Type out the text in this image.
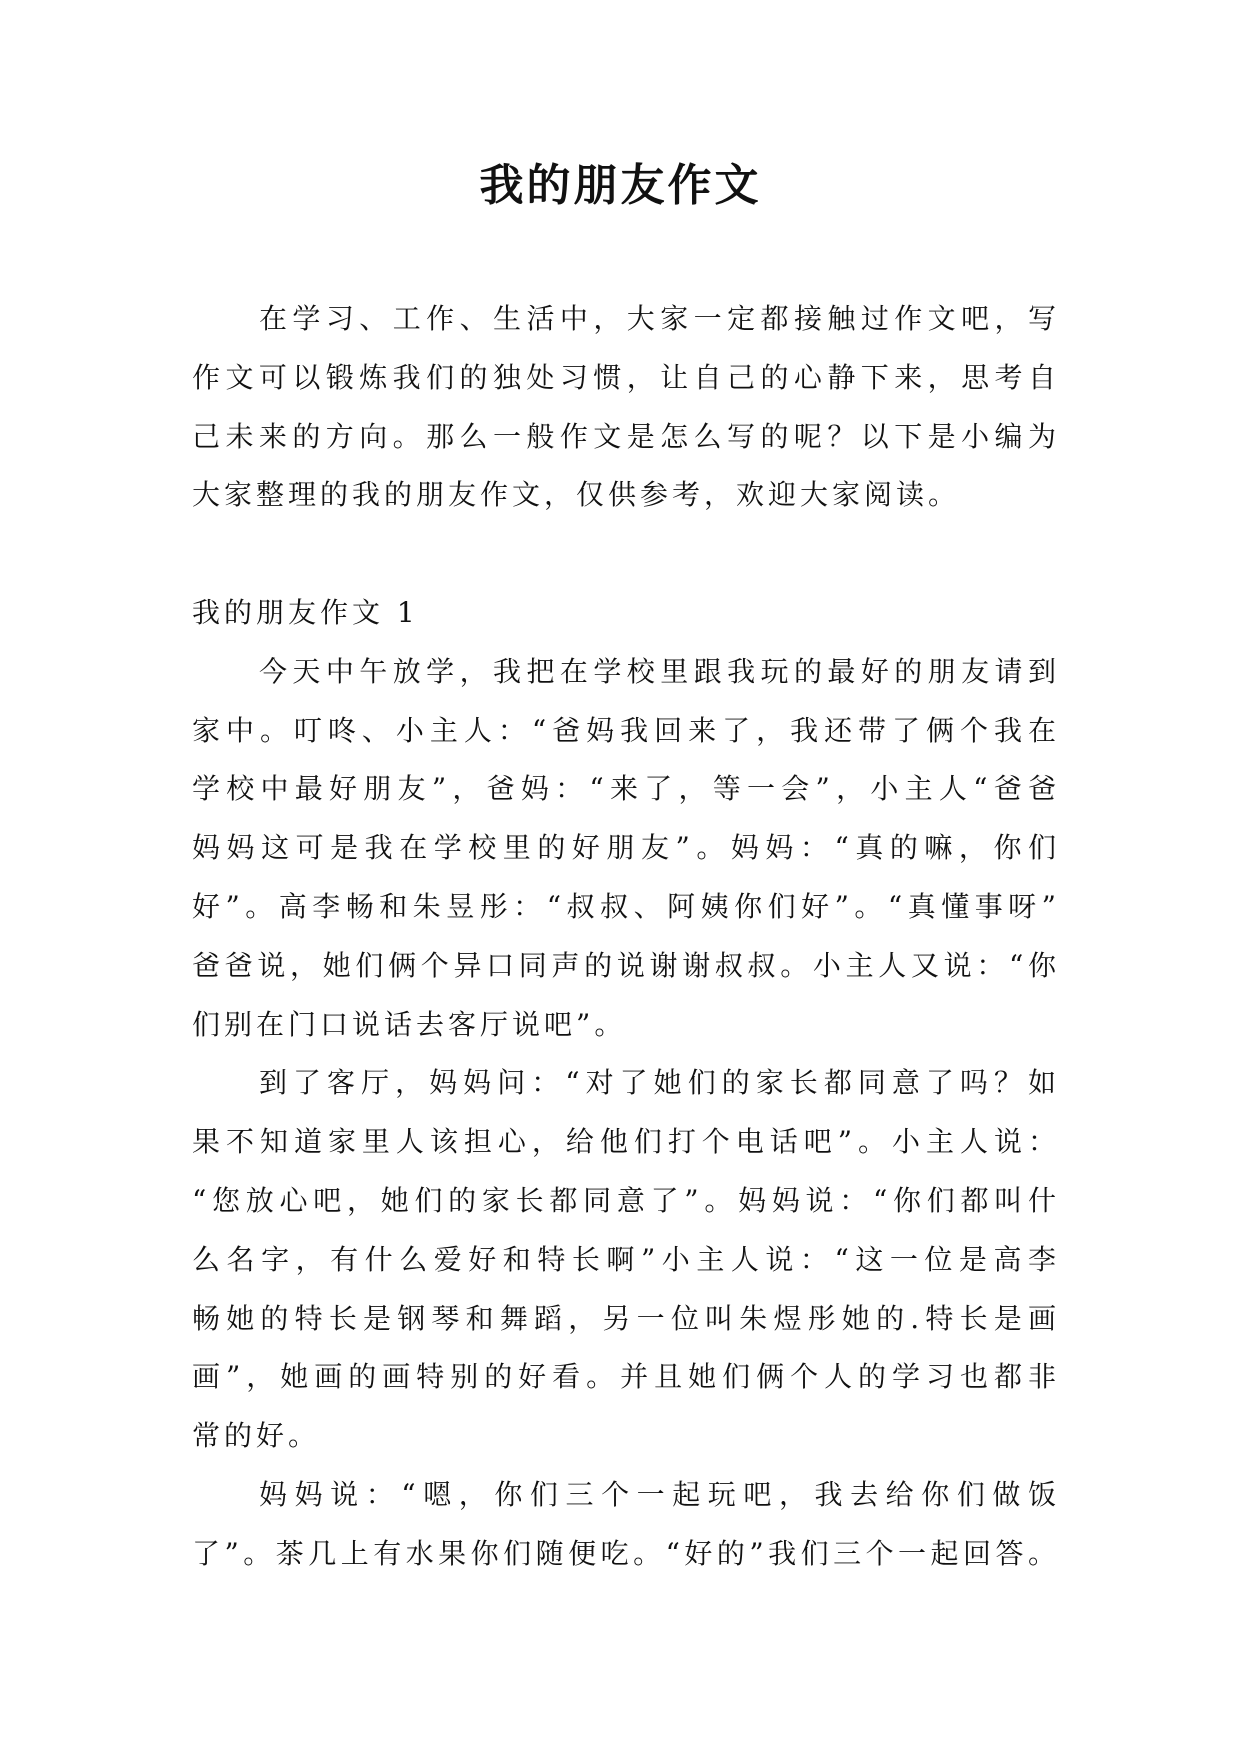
我的朋友作文
在学习、工作、生活中，大家一定都接触过作文吧，写
作文可以锻炼我们的独处习惯，让自己的心静下来，思考自
己未来的方向。那么一般作文是怎么写的呢？以下是小编为
大家整理的我的朋友作文，仅供参考，欢迎大家阅读。
我的朋友作文 1
今天中午放学，我把在学校里跟我玩的最好的朋友请到
家中。叮咚、小主人：“爸妈我回来了，我还带了俩个我在
学校中最好朋友”，爸妈：“来了，等一会”，小主人“爸爸
妈妈这可是我在学校里的好朋友”。妈妈：“真的嘛，你们
好”。高李畅和朱昱彤：“叔叔、阿姨你们好”。“真懂事呀”
爸爸说，她们俩个异口同声的说谢谢叔叔。小主人又说：“你
们别在门口说话去客厅说吧”。
到了客厅，妈妈问：“对了她们的家长都同意了吗？如
果不知道家里人该担心，给他们打个电话吧”。小主人说：
“您放心吧，她们的家长都同意了”。妈妈说：“你们都叫什
么名字，有什么爱好和特长啊”小主人说：“这一位是高李
畅她的特长是钢琴和舞蹈，另一位叫朱煜彤她的.特长是画
画”，她画的画特别的好看。并且她们俩个人的学习也都非
常的好。
妈妈说：“嗯，你们三个一起玩吧，我去给你们做饭
了”。茶几上有水果你们随便吃。“好的”我们三个一起回答。
